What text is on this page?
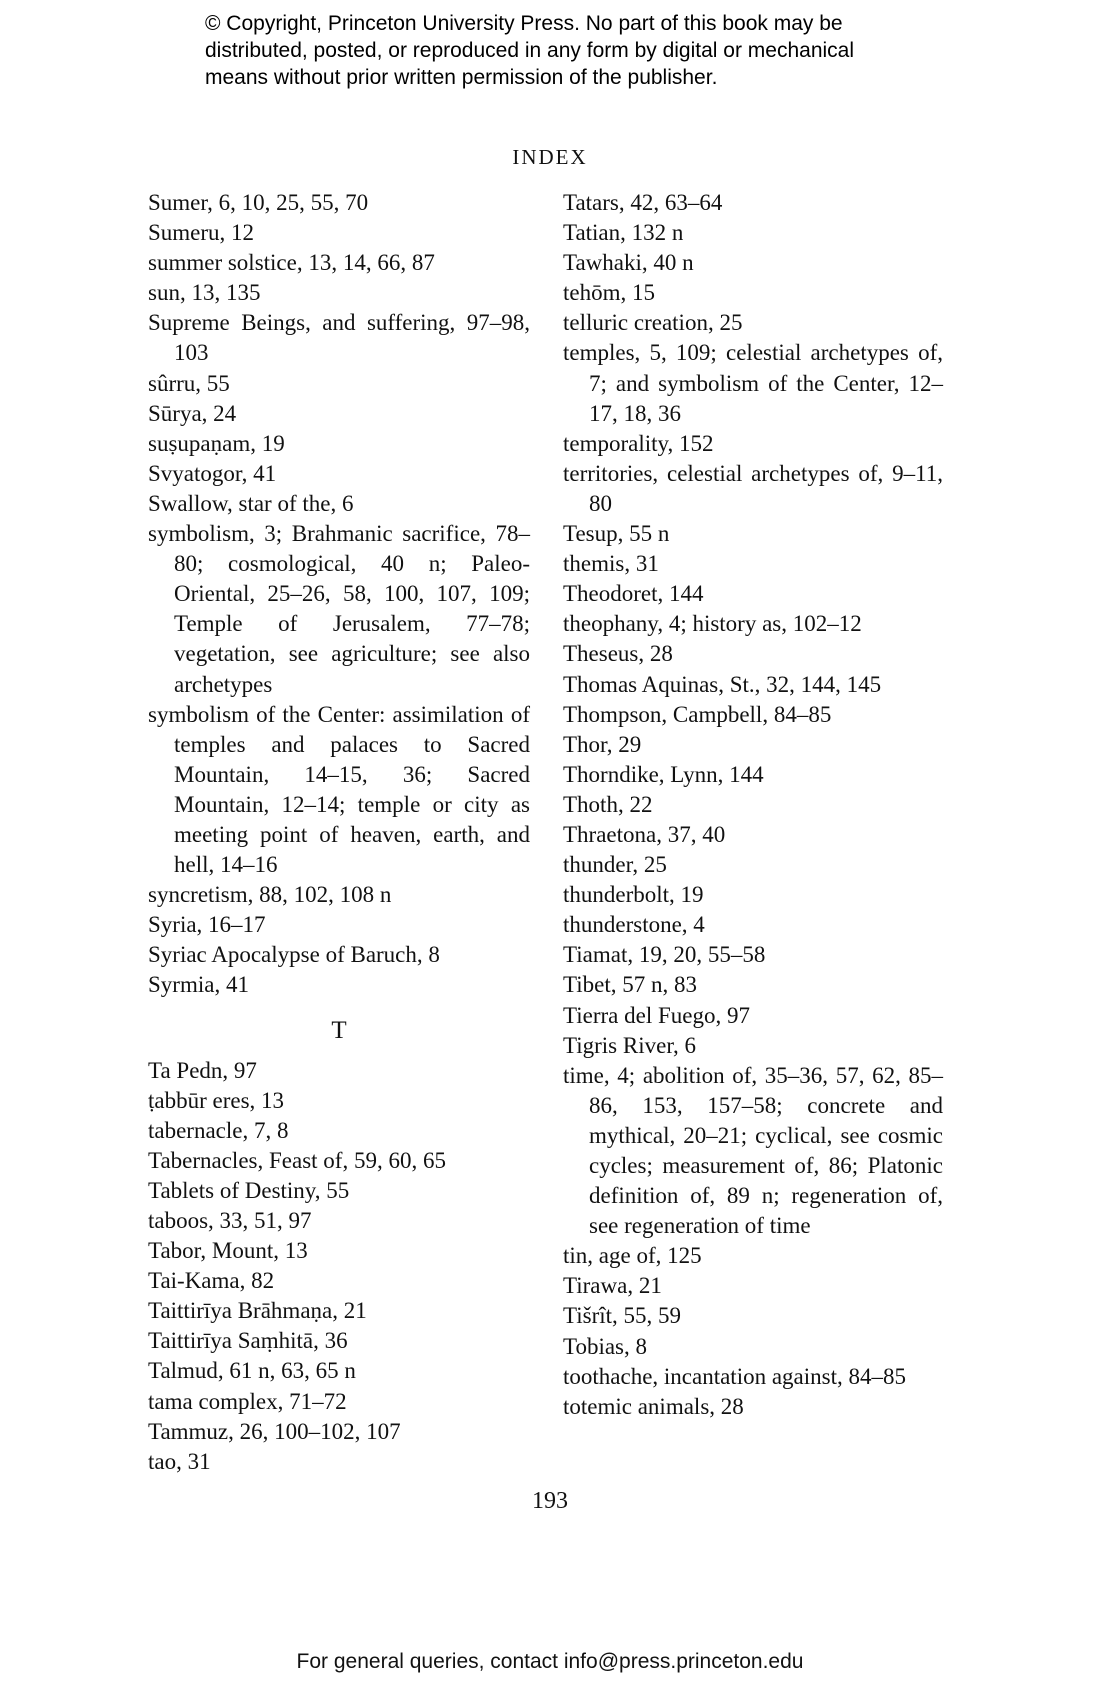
© Copyright, Princeton University Press. No part of this book may be
distributed, posted, or reproduced in any form by digital or mechanical
means without prior written permission of the publisher.
INDEX
Sumer, 6, 10, 25, 55, 70
Sumeru, 12
summer solstice, 13, 14, 66, 87
sun, 13, 135
Supreme Beings, and suffering, 97–98, 103
sûrru, 55
Sūrya, 24
suṣupaṇam, 19
Svyatogor, 41
Swallow, star of the, 6
symbolism, 3; Brahmanic sacrifice, 78–80; cosmological, 40 n; Paleo-Oriental, 25–26, 58, 100, 107, 109; Temple of Jerusalem, 77–78; vegetation, see agriculture; see also archetypes
symbolism of the Center: assimilation of temples and palaces to Sacred Mountain, 14–15, 36; Sacred Mountain, 12–14; temple or city as meeting point of heaven, earth, and hell, 14–16
syncretism, 88, 102, 108 n
Syria, 16–17
Syriac Apocalypse of Baruch, 8
Syrmia, 41
T
Ta Pedn, 97
ṭabbūr eres, 13
tabernacle, 7, 8
Tabernacles, Feast of, 59, 60, 65
Tablets of Destiny, 55
taboos, 33, 51, 97
Tabor, Mount, 13
Tai-Kama, 82
Taittirīya Brāhmaṇa, 21
Taittirīya Saṃhitā, 36
Talmud, 61 n, 63, 65 n
tama complex, 71–72
Tammuz, 26, 100–102, 107
tao, 31
Tatars, 42, 63–64
Tatian, 132 n
Tawhaki, 40 n
tehōm, 15
telluric creation, 25
temples, 5, 109; celestial archetypes of, 7; and symbolism of the Center, 12–17, 18, 36
temporality, 152
territories, celestial archetypes of, 9–11, 80
Tesup, 55 n
themis, 31
Theodoret, 144
theophany, 4; history as, 102–12
Theseus, 28
Thomas Aquinas, St., 32, 144, 145
Thompson, Campbell, 84–85
Thor, 29
Thorndike, Lynn, 144
Thoth, 22
Thraetona, 37, 40
thunder, 25
thunderbolt, 19
thunderstone, 4
Tiamat, 19, 20, 55–58
Tibet, 57 n, 83
Tierra del Fuego, 97
Tigris River, 6
time, 4; abolition of, 35–36, 57, 62, 85–86, 153, 157–58; concrete and mythical, 20–21; cyclical, see cosmic cycles; measurement of, 86; Platonic definition of, 89 n; regeneration of, see regeneration of time
tin, age of, 125
Tirawa, 21
Tišrît, 55, 59
Tobias, 8
toothache, incantation against, 84–85
totemic animals, 28
193
For general queries, contact info@press.princeton.edu
